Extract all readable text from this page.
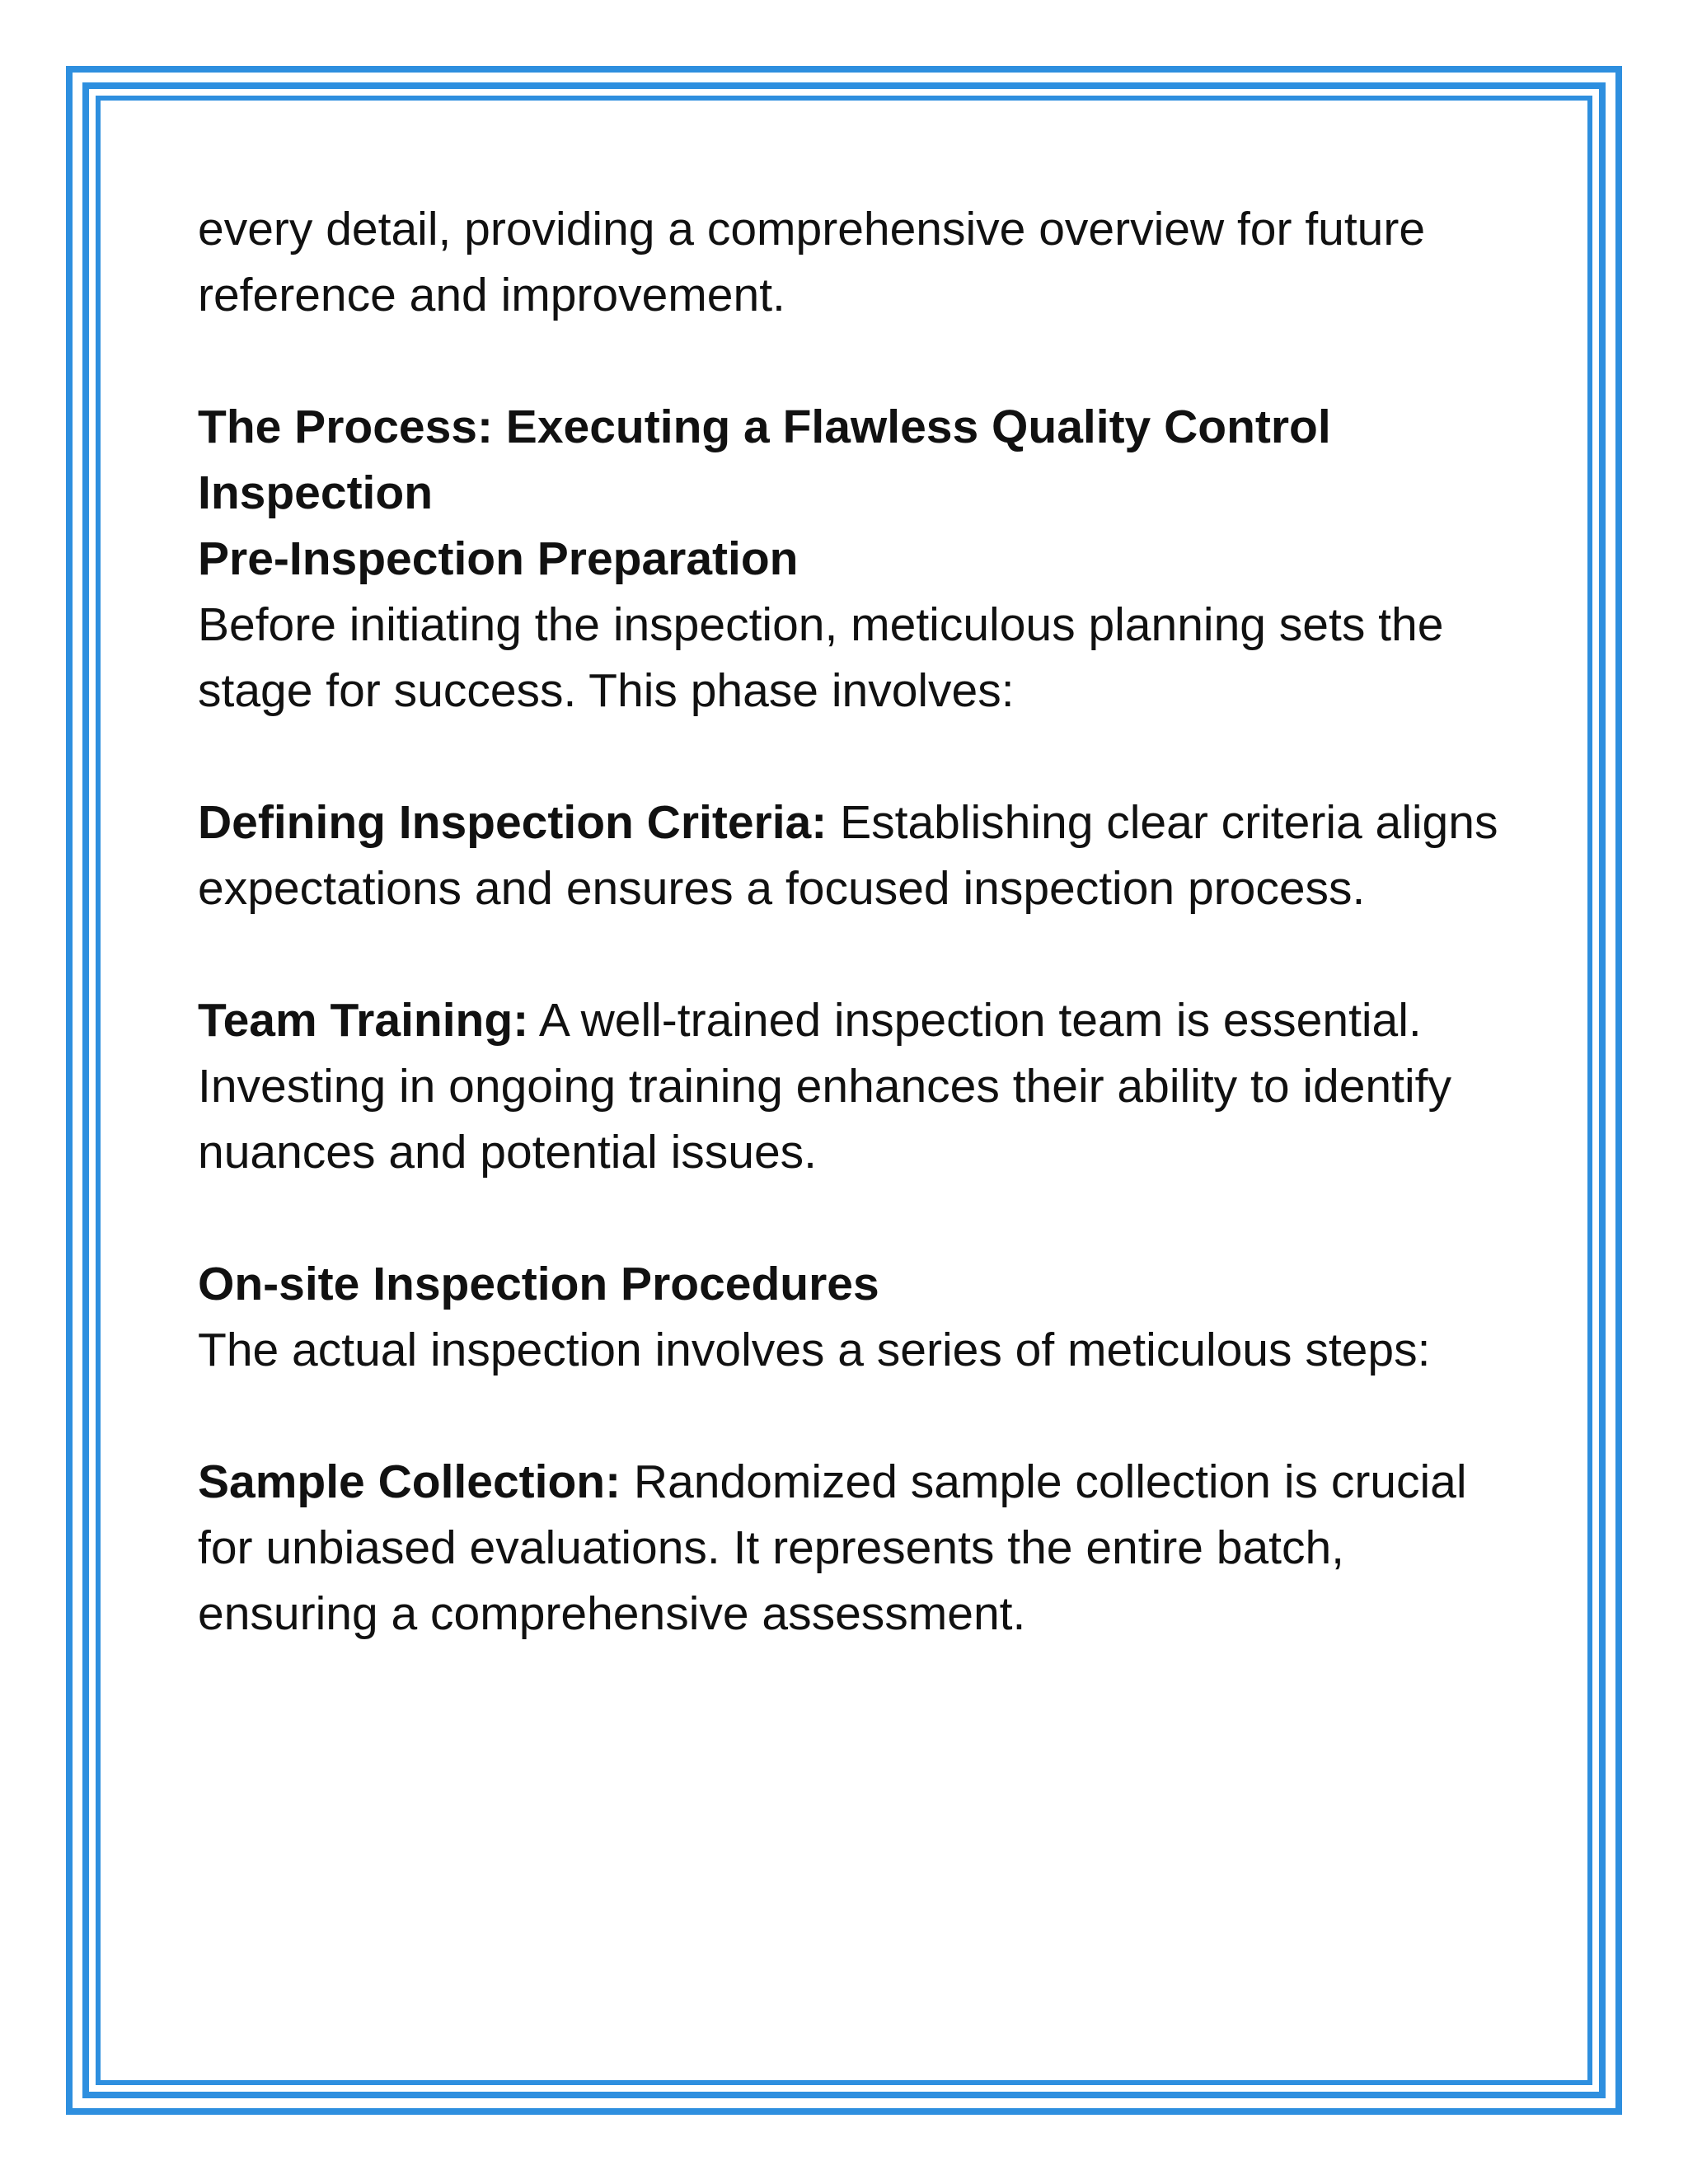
every detail, providing a comprehensive overview for future reference and improvement.

The Process: Executing a Flawless Quality Control Inspection

Pre-Inspection Preparation

Before initiating the inspection, meticulous planning sets the stage for success. This phase involves:

Defining Inspection Criteria: Establishing clear criteria aligns expectations and ensures a focused inspection process.

Team Training: A well-trained inspection team is essential. Investing in ongoing training enhances their ability to identify nuances and potential issues.

On-site Inspection Procedures

The actual inspection involves a series of meticulous steps:

Sample Collection: Randomized sample collection is crucial for unbiased evaluations. It represents the entire batch, ensuring a comprehensive assessment.
